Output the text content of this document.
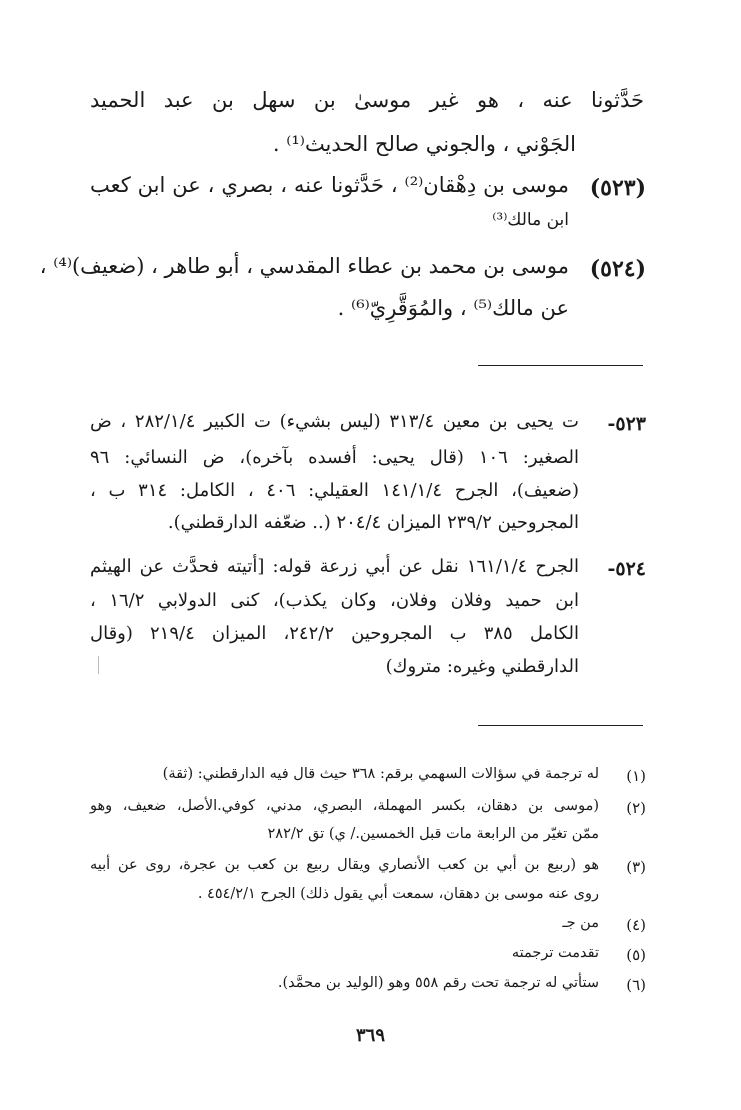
حَدَّثونا عنه ، هو غير موسىٰ بن سهل بن عبد الحميد
الجَوْني ، والجوني صالح الحديث⁽¹⁾ .
(٥٢٣)
موسى بن دِهْقان⁽²⁾ ، حَدَّثونا عنه ، بصري ، عن ابن كعب
ابن مالك⁽³⁾
(٥٢٤)
موسى بن محمد بن عطاء المقدسي ، أبو طاهر ، (ضعيف)⁽⁴⁾ ،
عن مالك⁽⁵⁾ ، والمُوَقَّرِيّ⁽⁶⁾ .
٥٢٣-
ت يحيى بن معين ٣١٣/٤ (ليس بشيء) ت الكبير ٢٨٢/١/٤ ، ض
الصغير: ١٠٦ (قال يحيى: أفسده بآخره)، ض النسائي: ٩٦
(ضعيف)، الجرح ١٤١/١/٤ العقيلي: ٤٠٦ ، الكامل: ٣١٤ ب ،
المجروحين ٢٣٩/٢ الميزان ٢٠٤/٤ (.. ضعّفه الدارقطني).
٥٢٤-
الجرح ١٦١/١/٤ نقل عن أبي زرعة قوله: [أتيته فحدَّث عن الهيثم
ابن حميد وفلان وفلان، وكان يكذب)، كنى الدولابي ١٦/٢ ،
الكامل ٣٨٥ ب المجروحين ٢٤٢/٢، الميزان ٢١٩/٤ (وقال
الدارقطني وغيره: متروك)
(١)
له ترجمة في سؤالات السهمي برقم: ٣٦٨ حيث قال فيه الدارقطني: (ثقة)
(٢)
(موسى بن دهقان، بكسر المهملة، البصري، مدني، كوفي.الأصل، ضعيف، وهو
ممّن تغيّر من الرابعة مات قبل الخمسين./ ي) تق ٢٨٢/٢
(٣)
هو (ربيع بن أبي بن كعب الأنصاري ويقال ربيع بن كعب بن عجرة، روى عن أبيه
روى عنه موسى بن دهقان، سمعت أبي يقول ذلك) الجرح ٤٥٤/٢/١ .
(٤)
من جـ
(٥)
تقدمت ترجمته
(٦)
ستأتي له ترجمة تحت رقم ٥٥٨ وهو (الوليد بن محمَّد).
٣٦٩
